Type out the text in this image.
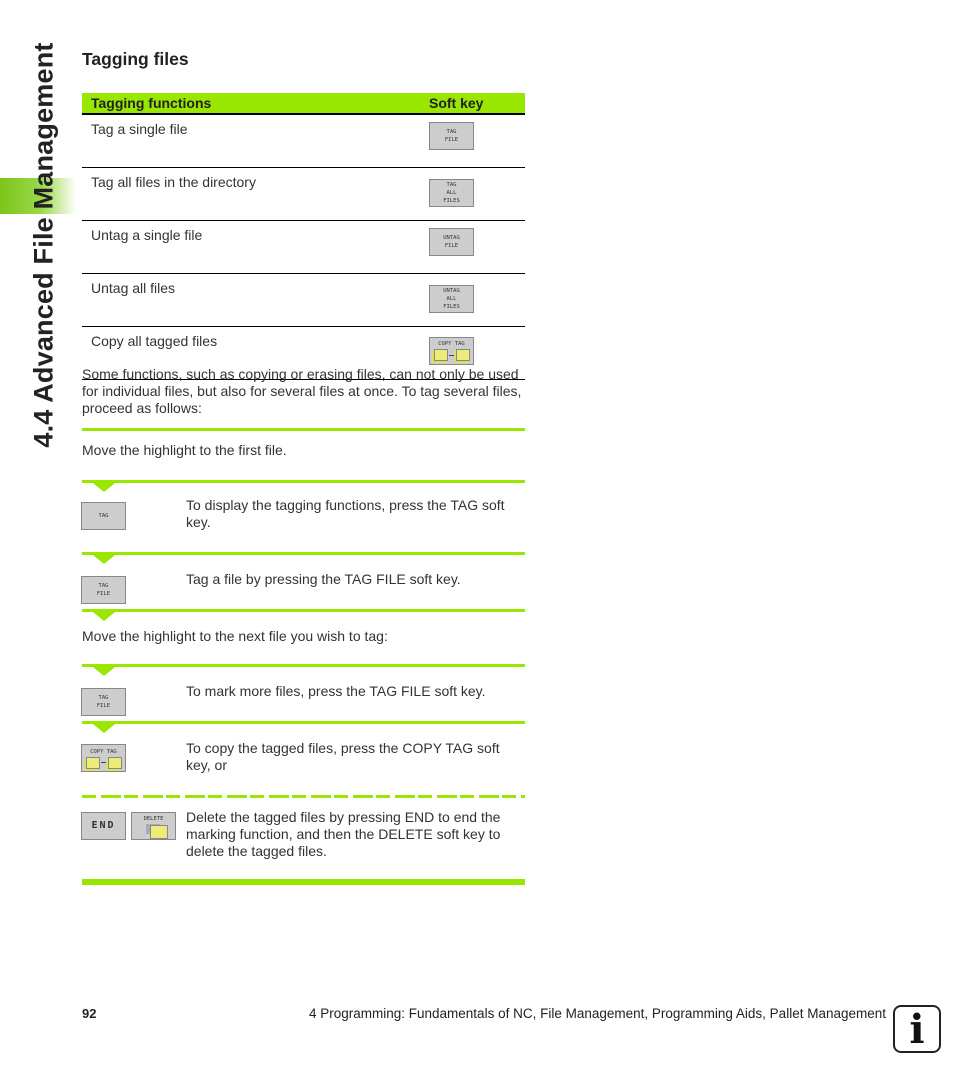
4.4 Advanced File Management Tagging files
Tagging functions	Soft key
Tag a single file	TAG
FILE

Tag all files in the directory	TAG
ALL
FILES

Untag a single file	UNTAG
FILE

Untag all files	UNTAG
ALL
FILES

Copy all tagged files	COPY TAG
Some functions, such as copying or erasing files, can not only be used for individual files, but also for several files at once. To tag several files, proceed as follows:
Move the highlight to the first file.
TAG
To display the tagging functions, press the TAG soft key.
TAG
FILE
Tag a file by pressing the TAG FILE soft key.
Move the highlight to the next file you wish to tag:
TAG
FILE
To mark more files, press the TAG FILE soft key.
COPY TAG	To copy the tagged files, press the COPY TAG soft key, or
END
DELETE Delete the tagged files by pressing END to end the marking function, and then the DELETE soft key to delete the tagged files.
92	4 Programming: Fundamentals of NC, File Management, Programming Aids, Pallet Management i
